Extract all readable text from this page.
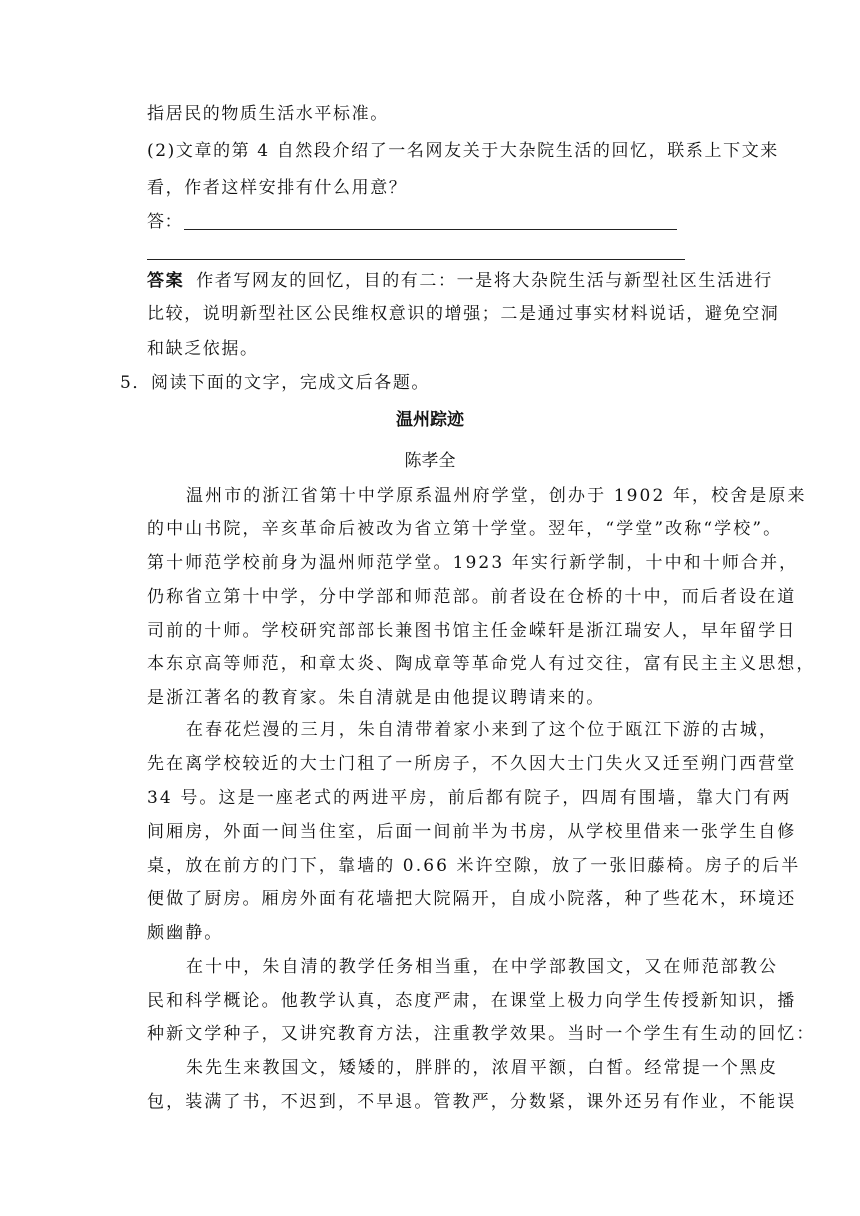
指居民的物质生活水平标准。
(2)文章的第 4 自然段介绍了一名网友关于大杂院生活的回忆，联系上下文来
看，作者这样安排有什么用意？
答：
答案 作者写网友的回忆，目的有二：一是将大杂院生活与新型社区生活进行
比较，说明新型社区公民维权意识的增强；二是通过事实材料说话，避免空洞
和缺乏依据。
5．阅读下面的文字，完成文后各题。
温州踪迹
陈孝全
温州市的浙江省第十中学原系温州府学堂，创办于 1902 年，校舍是原来
的中山书院，辛亥革命后被改为省立第十学堂。翌年，“学堂”改称“学校”。
第十师范学校前身为温州师范学堂。1923 年实行新学制，十中和十师合并，
仍称省立第十中学，分中学部和师范部。前者设在仓桥的十中，而后者设在道
司前的十师。学校研究部部长兼图书馆主任金嵘轩是浙江瑞安人，早年留学日
本东京高等师范，和章太炎、陶成章等革命党人有过交往，富有民主主义思想，
是浙江著名的教育家。朱自清就是由他提议聘请来的。
在春花烂漫的三月，朱自清带着家小来到了这个位于瓯江下游的古城，
先在离学校较近的大士门租了一所房子，不久因大士门失火又迁至朔门西营堂
34 号。这是一座老式的两进平房，前后都有院子，四周有围墙，靠大门有两
间厢房，外面一间当住室，后面一间前半为书房，从学校里借来一张学生自修
桌，放在前方的门下，靠墙的 0.66 米许空隙，放了一张旧藤椅。房子的后半
便做了厨房。厢房外面有花墙把大院隔开，自成小院落，种了些花木，环境还
颇幽静。
在十中，朱自清的教学任务相当重，在中学部教国文，又在师范部教公
民和科学概论。他教学认真，态度严肃，在课堂上极力向学生传授新知识，播
种新文学种子，又讲究教育方法，注重教学效果。当时一个学生有生动的回忆：
朱先生来教国文，矮矮的，胖胖的，浓眉平额，白皙。经常提一个黑皮
包，装满了书，不迟到，不早退。管教严，分数紧，课外还另有作业，不能误
